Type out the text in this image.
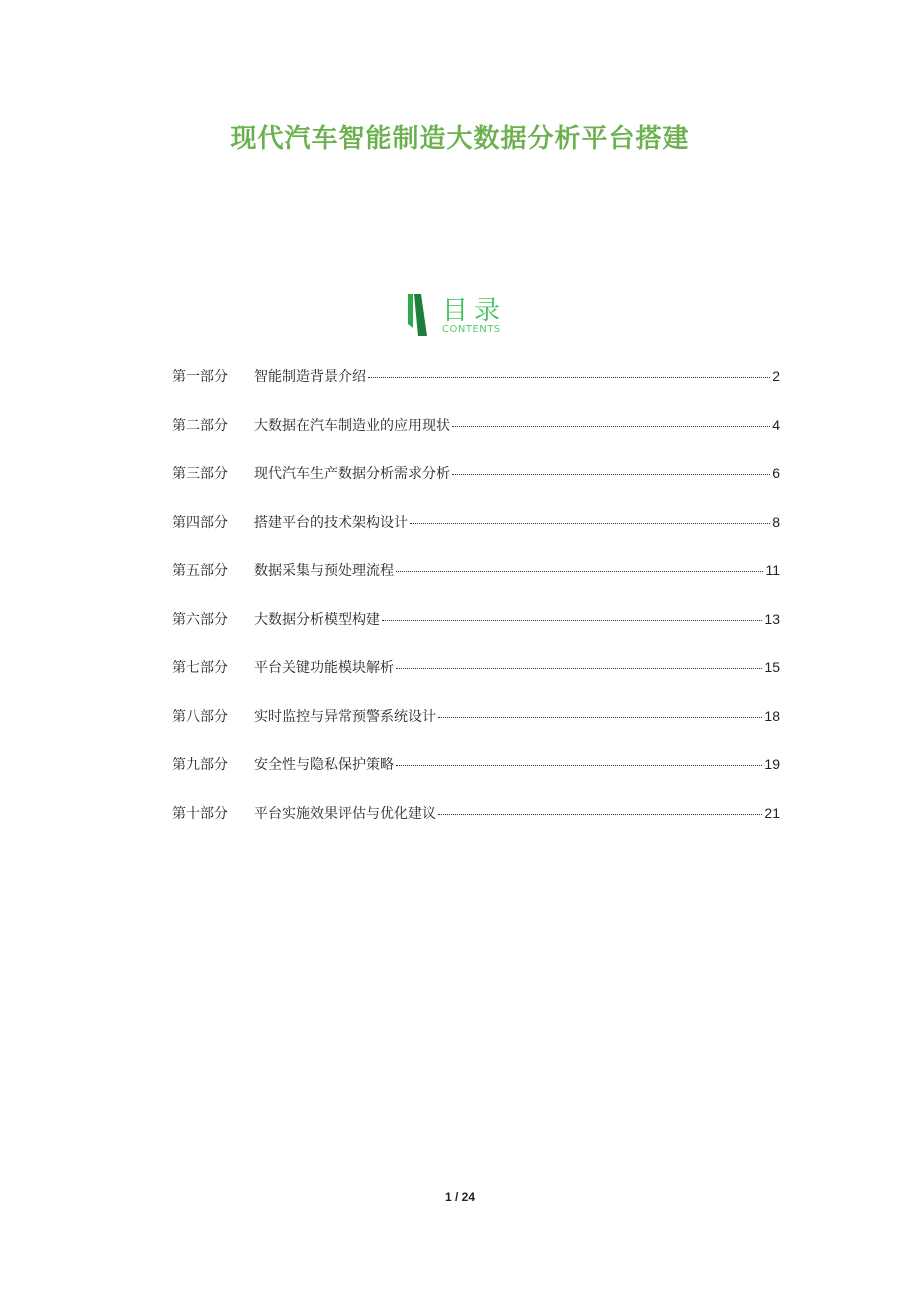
现代汽车智能制造大数据分析平台搭建
目录
CONTENTS
第一部分	智能制造背景介绍	2
第二部分	大数据在汽车制造业的应用现状	4
第三部分	现代汽车生产数据分析需求分析	6
第四部分	搭建平台的技术架构设计	8
第五部分	数据采集与预处理流程	11
第六部分	大数据分析模型构建	13
第七部分	平台关键功能模块解析	15
第八部分	实时监控与异常预警系统设计	18
第九部分	安全性与隐私保护策略	19
第十部分	平台实施效果评估与优化建议	21
1 / 24
